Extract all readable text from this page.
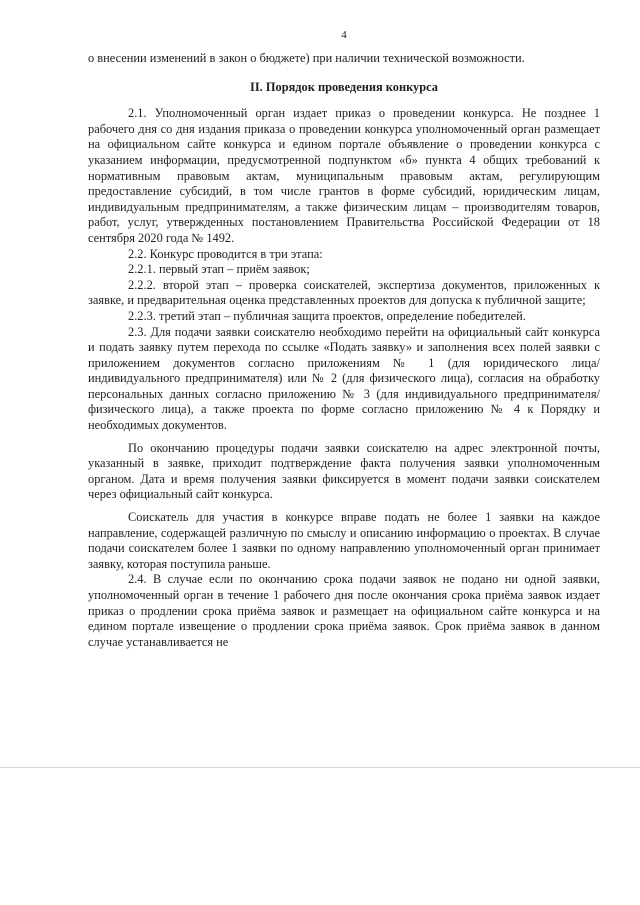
4

о внесении изменений в закон о бюджете) при наличии технической возможности.

II. Порядок проведения конкурса

2.1. Уполномоченный орган издает приказ о проведении конкурса. Не позднее 1 рабочего дня со дня издания приказа о проведении конкурса уполномоченный орган размещает на официальном сайте конкурса и едином портале объявление о проведении конкурса с указанием информации, предусмотренной подпунктом «б» пункта 4 общих требований к нормативным правовым актам, муниципальным правовым актам, регулирующим предоставление субсидий, в том числе грантов в форме субсидий, юридическим лицам, индивидуальным предпринимателям, а также физическим лицам – производителям товаров, работ, услуг, утвержденных постановлением Правительства Российской Федерации от 18 сентября 2020 года № 1492.

2.2. Конкурс проводится в три этапа:

2.2.1. первый этап – приём заявок;

2.2.2. второй этап – проверка соискателей, экспертиза документов, приложенных к заявке, и предварительная оценка представленных проектов для допуска к публичной защите;

2.2.3. третий этап – публичная защита проектов, определение победителей.

2.3. Для подачи заявки соискателю необходимо перейти на официальный сайт конкурса и подать заявку путем перехода по ссылке «Подать заявку» и заполнения всех полей заявки с приложением документов согласно приложениям № 1 (для юридического лица/индивидуального предпринимателя) или № 2 (для физического лица), согласия на обработку персональных данных согласно приложению № 3 (для индивидуального предпринимателя/физического лица), а также проекта по форме согласно приложению № 4 к Порядку и необходимых документов.

По окончанию процедуры подачи заявки соискателю на адрес электронной почты, указанный в заявке, приходит подтверждение факта получения заявки уполномоченным органом. Дата и время получения заявки фиксируется в момент подачи заявки соискателем через официальный сайт конкурса.

Соискатель для участия в конкурсе вправе подать не более 1 заявки на каждое направление, содержащей различную по смыслу и описанию информацию о проектах. В случае подачи соискателем более 1 заявки по одному направлению уполномоченный орган принимает заявку, которая поступила раньше.

2.4. В случае если по окончанию срока подачи заявок не подано ни одной заявки, уполномоченный орган в течение 1 рабочего дня после окончания срока приёма заявок издает приказ о продлении срока приёма заявок и размещает на официальном сайте конкурса и на едином портале извещение о продлении срока приёма заявок. Срок приёма заявок в данном случае устанавливается не
